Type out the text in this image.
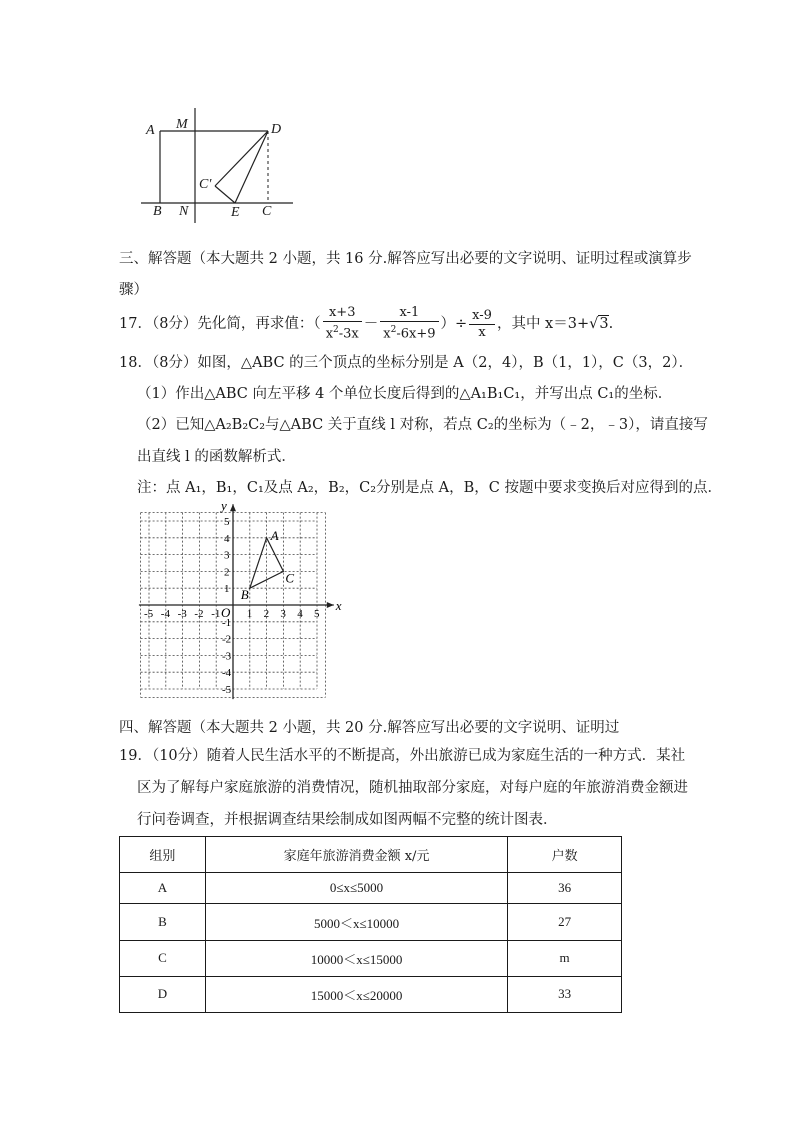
A M	D
C′
B N	E C
三、解答题（本大题共 2 小题，共 16 分.解答应写出必要的文字说明、证明过程或演算步
骤）
17．（8分）先化简，再求值：（ $\frac{x+3}{x^2-3x} - \frac{x-1}{x^2-6x+9}$ ）÷ $\frac{x-9}{x}$ ，其中 x＝3+√3.
18．（8分）如图，△ABC 的三个顶点的坐标分别是 A（2，4），B（1，1），C（3，2）．
（1）作出△ABC 向左平移 4 个单位长度后得到的△A₁B₁C₁，并写出点 C₁的坐标．
（2）已知△A₂B₂C₂与△ABC 关于直线 l 对称，若点 C₂的坐标为（﹣2，﹣3），请直接写
出直线 l 的函数解析式．
注：点 A₁，B₁，C₁及点 A₂，B₂，C₂分别是点 A，B，C 按题中要求变换后对应得到的点．
x
y
O
-5 -4 -3 -2 -1 1 2 3 4 5
5
4
3
2
1
-1
-2
-3
-4
-5
A
B
C
四、解答题（本大题共 2 小题，共 20 分.解答应写出必要的文字说明、证明过
19．（10分）随着人民生活水平的不断提高，外出旅游已成为家庭生活的一种方式．某社
区为了解每户家庭旅游的消费情况，随机抽取部分家庭，对每户庭的年旅游消费金额进
行问卷调查，并根据调查结果绘制成如图两幅不完整的统计图表．
组别	家庭年旅游消费金额 x/元	户数
A	0≤x≤5000	36
B	5000＜x≤10000	27
C	10000＜x≤15000	m
D	15000＜x≤20000	33
